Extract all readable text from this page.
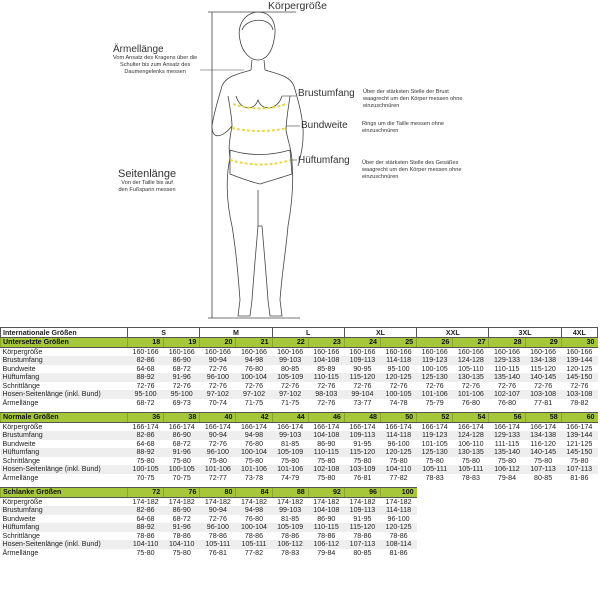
Körpergröße
Ärmellänge
Vom Ansatz des Kragens über die
Schulter bis zum Ansatz des
Daumengelenks messen
Brustumfang Über der stärksten Stelle der Brust
waagrecht um den Körper messen ohne
einzuschnüren
Bundweite	Rings um die Taille messen ohne
einzuschnüren
Hüftumfang Über der stärksten Stelle des Gesäßes
waagrecht um den Körper messen ohne
einzuschnüren
Seitenlänge
Von der Taille bis auf
den Fußspann messen
Internationale Größen	S		M		L		XL		XXL		3XL		4XL
Untersetzte Größen	18	19	20	21	22	23	24	25	26	27	28	29	30
Körpergröße	160-166	160-166	160-166	160-166	160-166	160-166	160-166	160-166	160-166	160-166	160-166	160-166	160-166
Brustumfang	82-86	86-90	90-94	94-98	99-103	104-108	109-113	114-118	119-123	124-128	129-133	134-138	139-144
Bundweite	64-68	68-72	72-76	76-80	80-85	85-89	90-95	95-100	100-105	105-110	110-115	115-120	120-125
Hüftumfang	88-92	91-96	96-100	100-104	105-109	110-115	115-120	120-125	125-130	130-135	135-140	140-145	145-150
Schrittlänge	72-76	72-76	72-76	72-76	72-76	72-76	72-76	72-76	72-76	72-76	72-76	72-76	72-76
Hosen-Seitenlänge (inkl. Bund)	95-100	95-100	97-102	97-102	97-102	98-103	99-104	100-105	101-106	101-106	102-107	103-108	103-108
Ärmellänge	68-72	69-73	70-74	71-75	71-75	72-76	73-77	74-78	75-79	76-80	76-80	77-81	78-82

Normale Größen	36	38	40	42	44	46	48	50	52	54	56	58	60
Körpergröße	166-174	166-174	166-174	166-174	166-174	166-174	166-174	166-174	166-174	166-174	166-174	166-174	166-174
Brustumfang	82-86	86-90	90-94	94-98	99-103	104-108	109-113	114-118	119-123	124-128	129-133	134-138	139-144
Bundweite	64-68	68-72	72-76	76-80	81-85	86-90	91-95	96-100	101-105	106-110	111-115	116-120	121-125
Hüftumfang	88-92	91-96	96-100	100-104	105-109	110-115	115-120	120-125	125-130	130-135	135-140	140-145	145-150
Schrittlänge	75-80	75-80	75-80	75-80	75-80	75-80	75-80	75-80	75-80	75-80	75-80	75-80	75-80
Hosen-Seitenlänge (inkl. Bund)	100-105	100-105	101-106	101-106	101-106	102-108	103-109	104-110	105-111	105-111	106-112	107-113	107-113
Ärmellänge	70-75	70-75	72-77	73-78	74-79	75-80	76-81	77-82	78-83	78-83	79-84	80-85	81-86

Schlanke Größen	72	76	80	84	88	92	96	100					
Körpergröße	174-182	174-182	174-182	174-182	174-182	174-182	174-182	174-182					
Brustumfang	82-86	86-90	90-94	94-98	99-103	104-108	109-113	114-118					
Bundweite	64-68	68-72	72-76	76-80	81-85	86-90	91-95	96-100					
Hüftumfang	88-92	91-96	96-100	100-104	105-109	110-115	115-120	120-125					
Schrittlänge	78-86	78-86	78-86	78-86	78-86	78-86	78-86	78-86					
Hosen-Seitenlänge (inkl. Bund)	104-110	104-110	105-111	105-111	106-112	106-112	107-113	108-114					
Ärmellänge	75-80	75-80	76-81	77-82	78-83	79-84	80-85	81-86					
